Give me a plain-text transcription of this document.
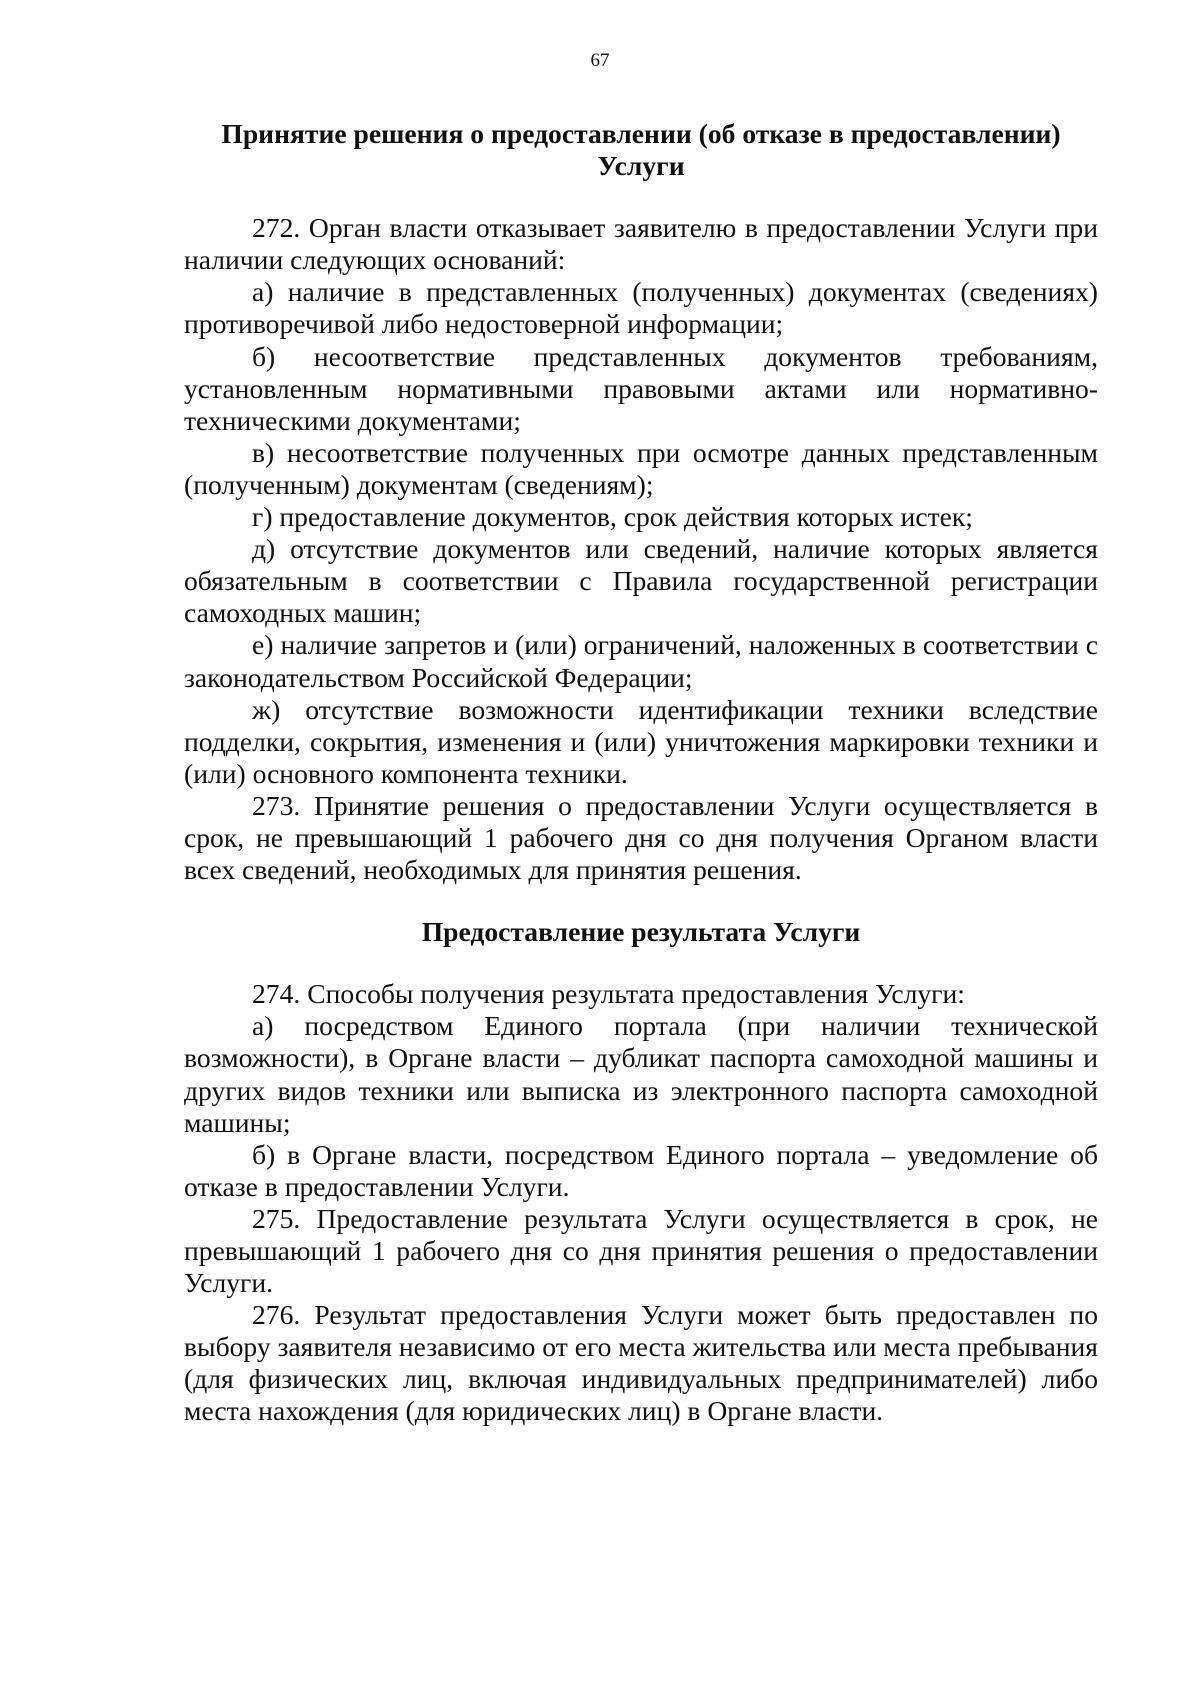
67
Принятие решения о предоставлении (об отказе в предоставлении)
Услуги

272. Орган власти отказывает заявителю в предоставлении Услуги при наличии следующих оснований:

а) наличие в представленных (полученных) документах (сведениях) противоречивой либо недостоверной информации;

б) несоответствие представленных документов требованиям, установленным нормативными правовыми актами или нормативно-техническими документами;

в) несоответствие полученных при осмотре данных представленным (полученным) документам (сведениям);

г) предоставление документов, срок действия которых истек;

д) отсутствие документов или сведений, наличие которых является обязательным в соответствии с Правила государственной регистрации самоходных машин;

е) наличие запретов и (или) ограничений, наложенных в соответствии с законодательством Российской Федерации;

ж) отсутствие возможности идентификации техники вследствие подделки, сокрытия, изменения и (или) уничтожения маркировки техники и (или) основного компонента техники.

273. Принятие решения о предоставлении Услуги осуществляется в срок, не превышающий 1 рабочего дня со дня получения Органом власти всех сведений, необходимых для принятия решения.

Предоставление результата Услуги

274. Способы получения результата предоставления Услуги:

а) посредством Единого портала (при наличии технической возможности), в Органе власти – дубликат паспорта самоходной машины и других видов техники или выписка из электронного паспорта самоходной машины;

б) в Органе власти, посредством Единого портала – уведомление об отказе в предоставлении Услуги.

275. Предоставление результата Услуги осуществляется в срок, не превышающий 1 рабочего дня со дня принятия решения о предоставлении Услуги.

276. Результат предоставления Услуги может быть предоставлен по выбору заявителя независимо от его места жительства или места пребывания (для физических лиц, включая индивидуальных предпринимателей) либо места нахождения (для юридических лиц) в Органе власти.
